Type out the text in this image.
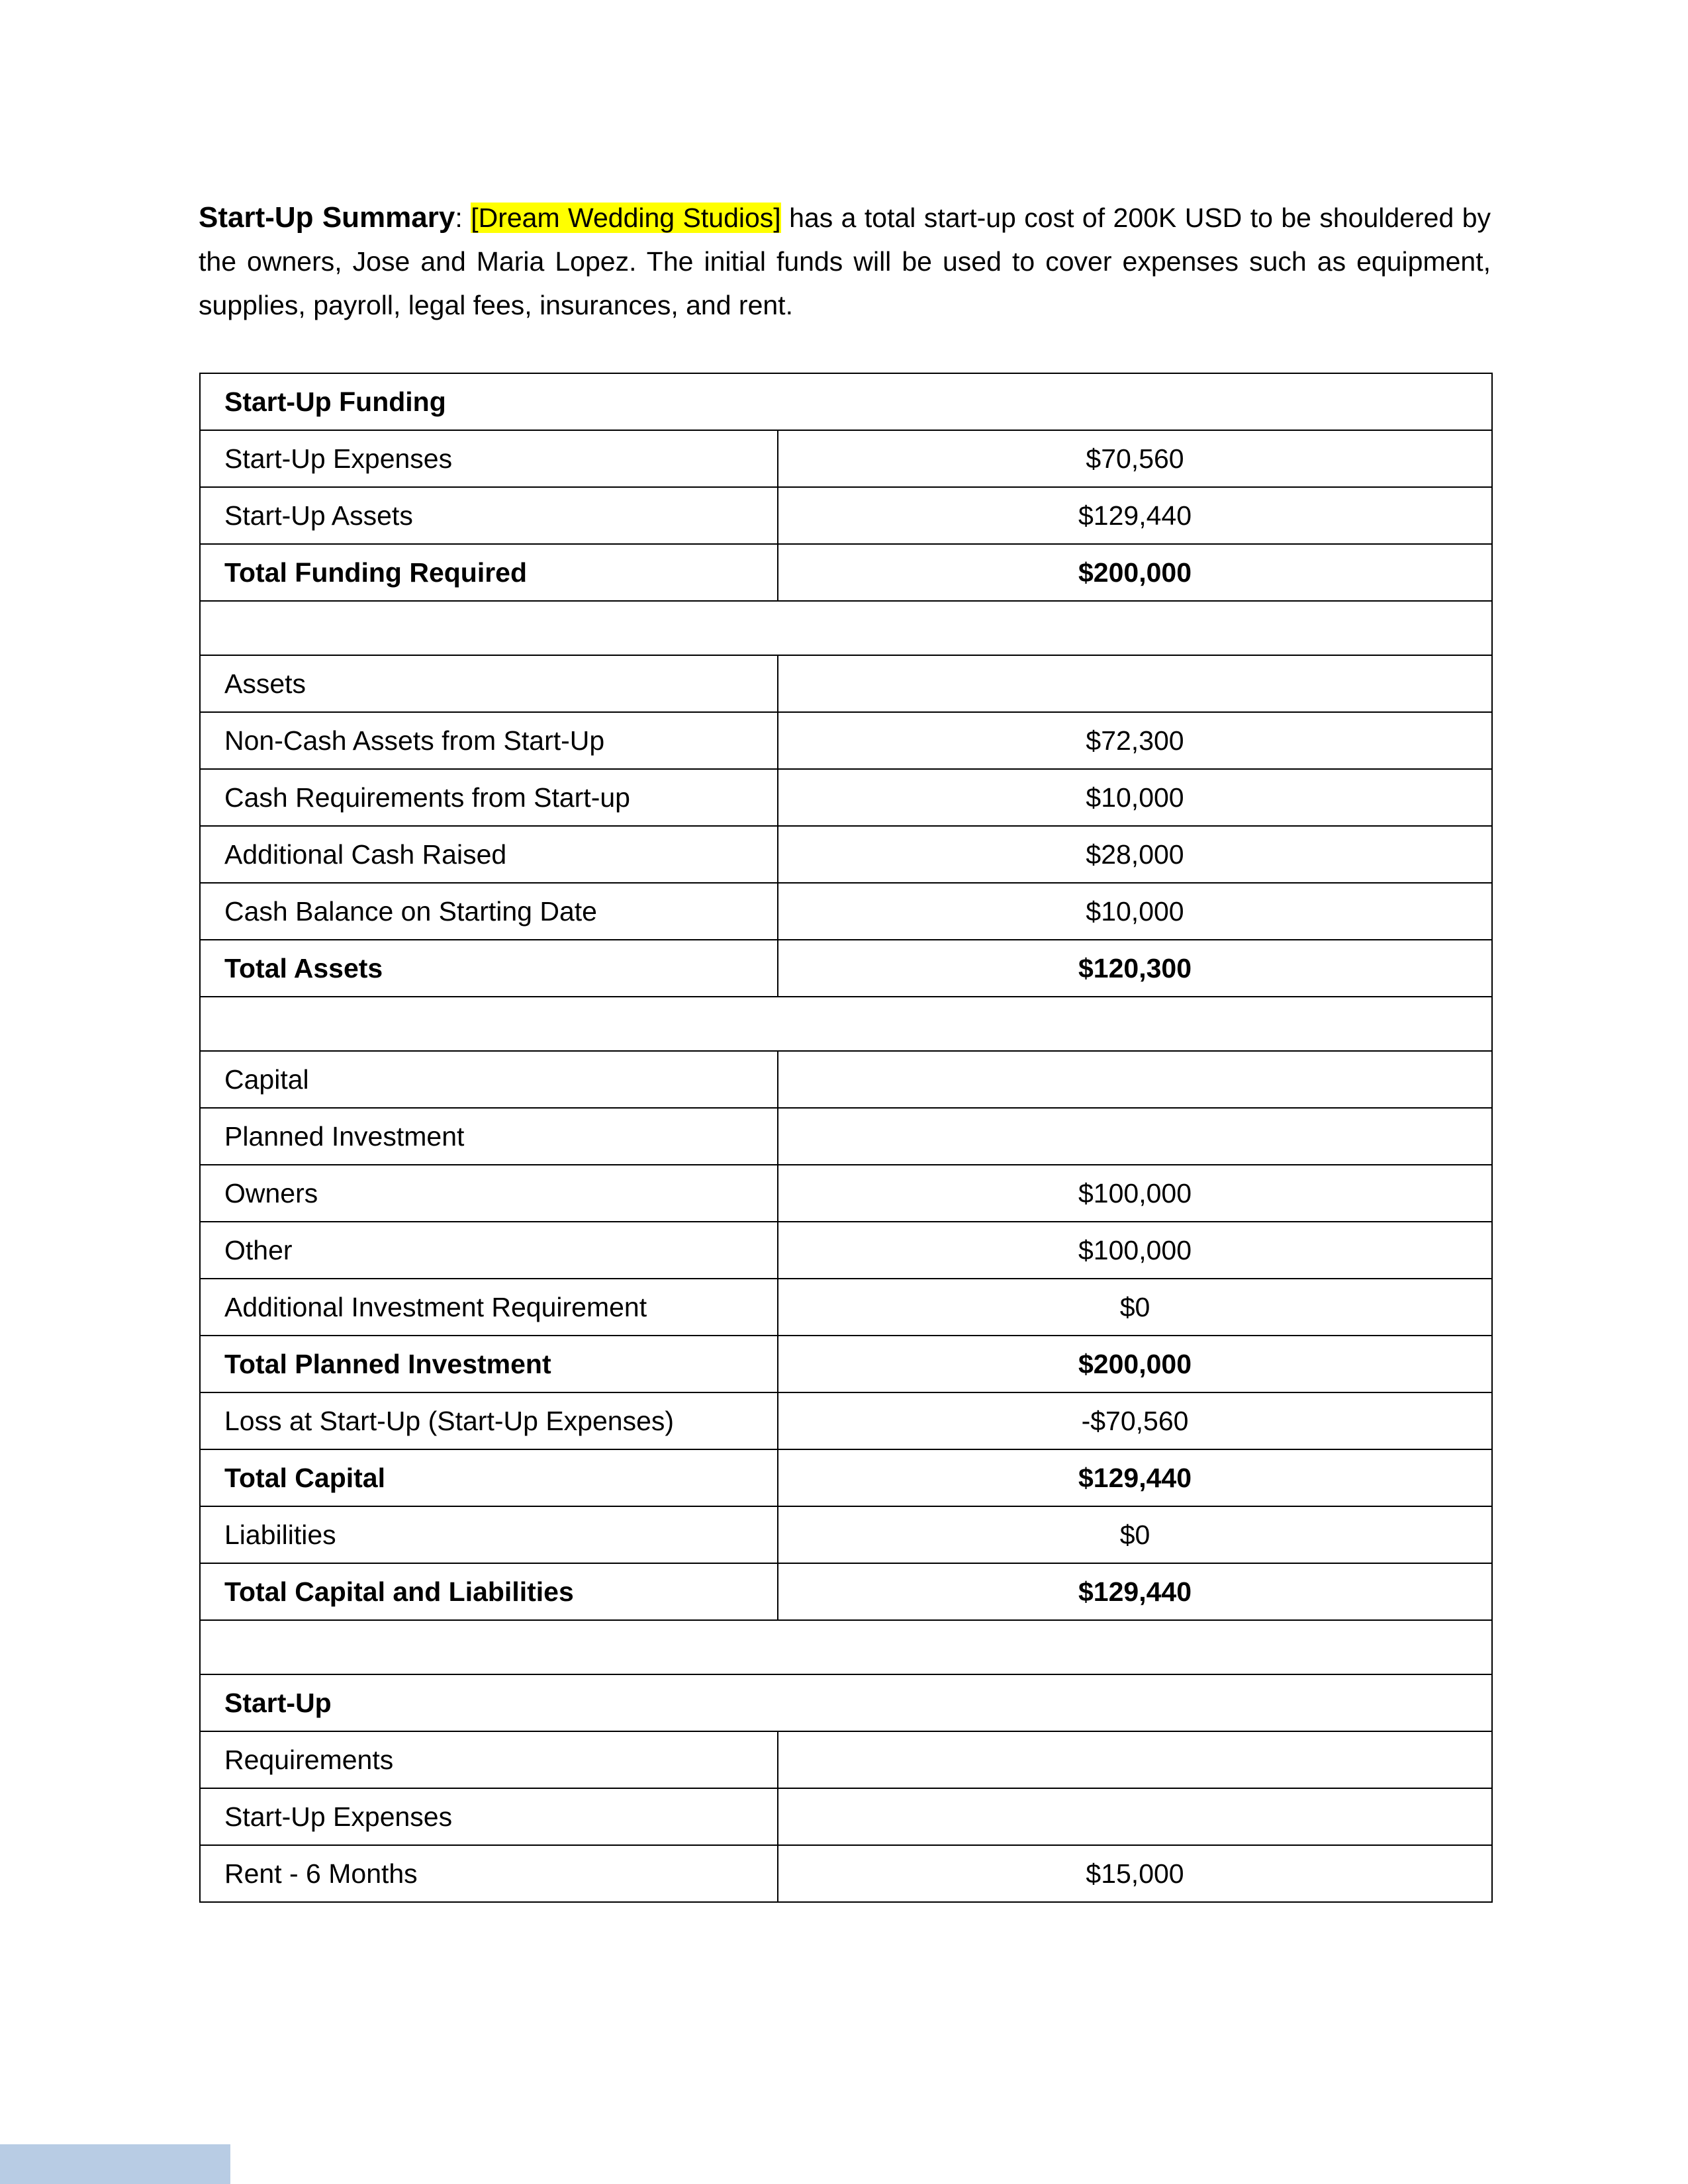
Start-Up Summary: [Dream Wedding Studios] has a total start-up cost of 200K USD to be shouldered by the owners, Jose and Maria Lopez. The initial funds will be used to cover expenses such as equipment, supplies, payroll, legal fees, insurances, and rent.

Start-Up Funding	
Start-Up Expenses	$70,560
Start-Up Assets	$129,440
Total Funding Required	$200,000

Assets	
Non-Cash Assets from Start-Up	$72,300
Cash Requirements from Start-up	$10,000
Additional Cash Raised	$28,000
Cash Balance on Starting Date	$10,000
Total Assets	$120,300

Capital	
Planned Investment	
Owners	$100,000
Other	$100,000
Additional Investment Requirement	$0
Total Planned Investment	$200,000
Loss at Start-Up (Start-Up Expenses)	-$70,560
Total Capital	$129,440
Liabilities	$0
Total Capital and Liabilities	$129,440

Start-Up	
Requirements	
Start-Up Expenses	
Rent - 6 Months	$15,000
